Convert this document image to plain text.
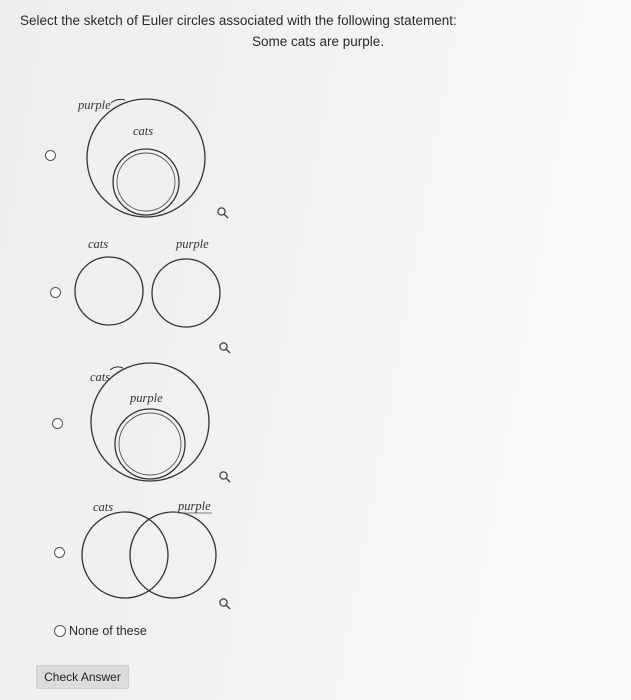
Select the sketch of Euler circles associated with the following statement:
Some cats are purple.
purple
cats
cats	purple
cats
purple
cats	purple
None of these
Check Answer
